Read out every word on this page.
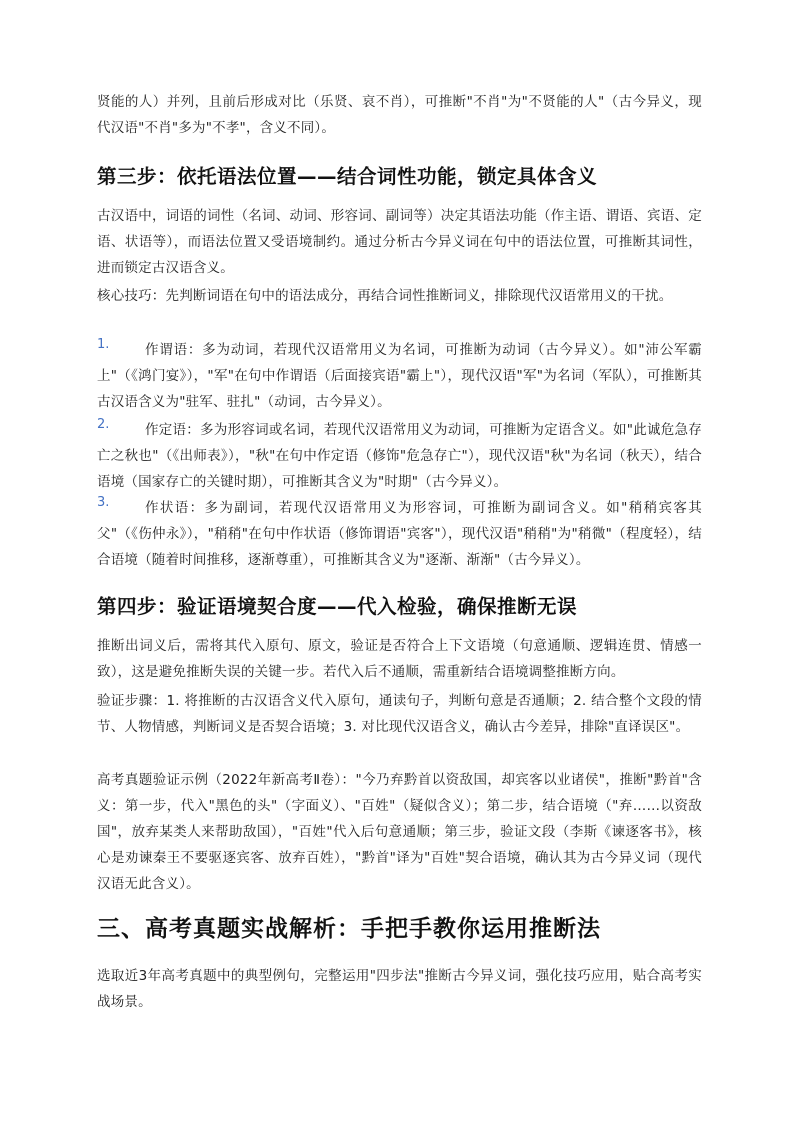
贤能的人）并列，且前后形成对比（乐贤、哀不肖），可推断"不肖"为"不贤能的人"（古今异义，现代汉语"不肖"多为"不孝"，含义不同）。

第三步：依托语法位置——结合词性功能，锁定具体含义

古汉语中，词语的词性（名词、动词、形容词、副词等）决定其语法功能（作主语、谓语、宾语、定语、状语等），而语法位置又受语境制约。通过分析古今异义词在句中的语法位置，可推断其词性，进而锁定古汉语含义。

核心技巧：先判断词语在句中的语法成分，再结合词性推断词义，排除现代汉语常用义的干扰。

1.	作谓语：多为动词，若现代汉语常用义为名词，可推断为动词（古今异义）。如"沛公军霸上"（《鸿门宴》），"军"在句中作谓语（后面接宾语"霸上"），现代汉语"军"为名词（军队），可推断其古汉语含义为"驻军、驻扎"（动词，古今异义）。

2.	作定语：多为形容词或名词，若现代汉语常用义为动词，可推断为定语含义。如"此诚危急存亡之秋也"（《出师表》），"秋"在句中作定语（修饰"危急存亡"），现代汉语"秋"为名词（秋天），结合语境（国家存亡的关键时期），可推断其含义为"时期"（古今异义）。

3.	作状语：多为副词，若现代汉语常用义为形容词，可推断为副词含义。如"稍稍宾客其父"（《伤仲永》），"稍稍"在句中作状语（修饰谓语"宾客"），现代汉语"稍稍"为"稍微"（程度轻），结合语境（随着时间推移，逐渐尊重），可推断其含义为"逐渐、渐渐"（古今异义）。

第四步：验证语境契合度——代入检验，确保推断无误

推断出词义后，需将其代入原句、原文，验证是否符合上下文语境（句意通顺、逻辑连贯、情感一致），这是避免推断失误的关键一步。若代入后不通顺，需重新结合语境调整推断方向。

验证步骤：1. 将推断的古汉语含义代入原句，通读句子，判断句意是否通顺；2. 结合整个文段的情节、人物情感，判断词义是否契合语境；3. 对比现代汉语含义，确认古今差异，排除"直译误区"。

高考真题验证示例（2022年新高考Ⅱ卷）："今乃弃黔首以资敌国，却宾客以业诸侯"，推断"黔首"含义：第一步，代入"黑色的头"（字面义）、"百姓"（疑似含义）；第二步，结合语境（"弃……以资敌国"，放弃某类人来帮助敌国），"百姓"代入后句意通顺；第三步，验证文段（李斯《谏逐客书》，核心是劝谏秦王不要驱逐宾客、放弃百姓），"黔首"译为"百姓"契合语境，确认其为古今异义词（现代汉语无此含义）。

三、高考真题实战解析：手把手教你运用推断法

选取近3年高考真题中的典型例句，完整运用"四步法"推断古今异义词，强化技巧应用，贴合高考实战场景。
